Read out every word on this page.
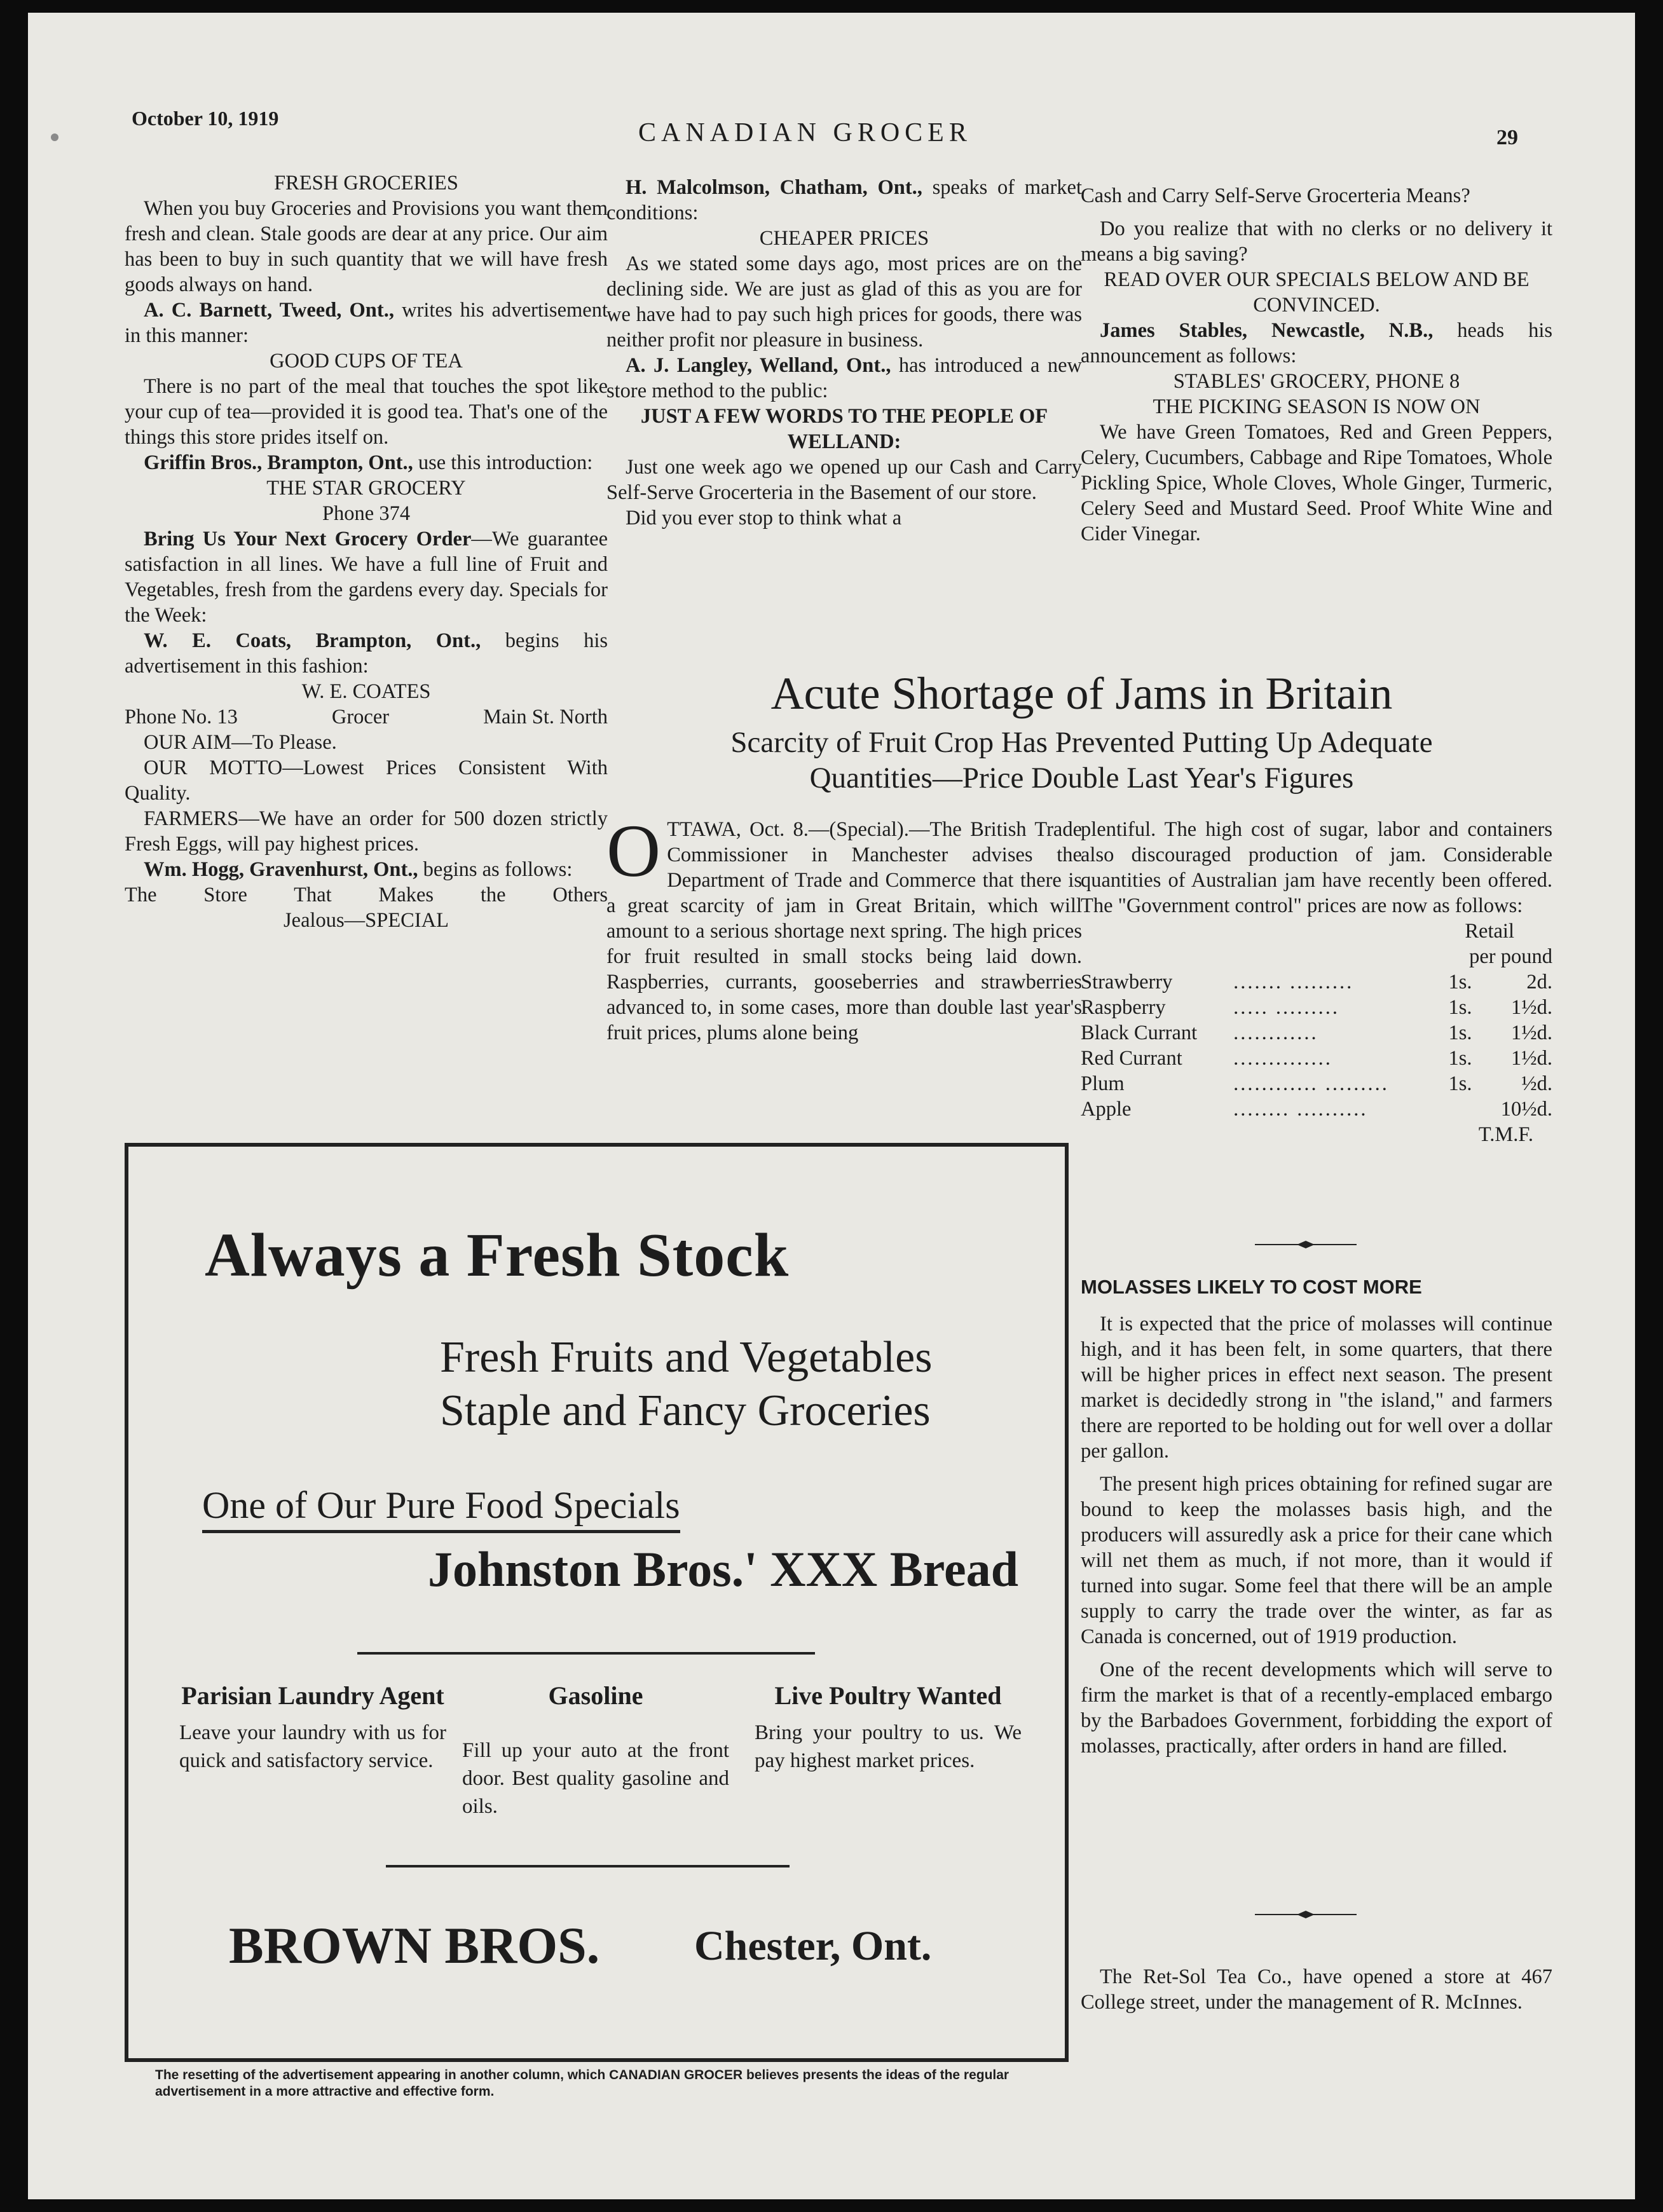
October 10, 1919	CANADIAN GROCER	29

FRESH GROCERIES

When you buy Groceries and Provisions you want them fresh and clean. Stale goods are dear at any price. Our aim has been to buy in such quantity that we will have fresh goods always on hand.

A. C. Barnett, Tweed, Ont., writes his advertisement in this manner:

GOOD CUPS OF TEA

There is no part of the meal that touches the spot like your cup of tea—provided it is good tea. That's one of the things this store prides itself on.

Griffin Bros., Brampton, Ont., use this introduction:

THE STAR GROCERY

Phone 374

Bring Us Your Next Grocery Order—We guarantee satisfaction in all lines. We have a full line of Fruit and Vegetables, fresh from the gardens every day. Specials for the Week:

W. E. Coats, Brampton, Ont., begins his advertisement in this fashion:

W. E. COATES

Phone No. 13	Grocer	Main St. North

OUR AIM—To Please.

OUR MOTTO—Lowest Prices Consistent With Quality.

FARMERS—We have an order for 500 dozen strictly Fresh Eggs, will pay highest prices.

Wm. Hogg, Gravenhurst, Ont., begins as follows:

The Store That Makes the Others

Jealous—SPECIAL

H. Malcolmson, Chatham, Ont., speaks of market conditions:

CHEAPER PRICES

As we stated some days ago, most prices are on the declining side. We are just as glad of this as you are for we have had to pay such high prices for goods, there was neither profit nor pleasure in business.

A. J. Langley, Welland, Ont., has introduced a new store method to the public:

JUST A FEW WORDS TO THE PEOPLE OF WELLAND:

Just one week ago we opened up our Cash and Carry Self-Serve Grocerteria in the Basement of our store.

Did you ever stop to think what a

Cash and Carry Self-Serve Grocerteria Means?

Do you realize that with no clerks or no delivery it means a big saving?

READ OVER OUR SPECIALS BELOW AND BE CONVINCED.

James Stables, Newcastle, N.B., heads his announcement as follows:

STABLES' GROCERY, PHONE 8

THE PICKING SEASON IS NOW ON

We have Green Tomatoes, Red and Green Peppers, Celery, Cucumbers, Cabbage and Ripe Tomatoes, Whole Pickling Spice, Whole Cloves, Whole Ginger, Turmeric, Celery Seed and Mustard Seed. Proof White Wine and Cider Vinegar.

Acute Shortage of Jams in Britain
Scarcity of Fruit Crop Has Prevented Putting Up Adequate
Quantities—Price Double Last Year's Figures
O TTAWA, Oct. 8.—(Special).—The British Trade Commissioner in Manchester advises the Department of Trade and Commerce that there is a great scarcity of jam in Great Britain, which will amount to a serious shortage next spring. The high prices for fruit resulted in small stocks being laid down. Raspberries, currants, gooseberries and strawberries advanced to, in some cases, more than double last year's fruit prices, plums alone being

plentiful. The high cost of sugar, labor and containers also discouraged production of jam. Considerable quantities of Australian jam have recently been offered. The "Government control" prices are now as follows:

		Retail	
		per pound	
Strawberry	....... .........	1s.	2d.
Raspberry	..... .........	1s.	1½d.
Black Currant	............	1s.	1½d.
Red Currant	..............	1s.	1½d.
Plum	............ .........	1s.	½d.
Apple	........ ..........		10½d.
T.M.F.

MOLASSES LIKELY TO COST MORE

It is expected that the price of molasses will continue high, and it has been felt, in some quarters, that there will be higher prices in effect next season. The present market is decidedly strong in "the island," and farmers there are reported to be holding out for well over a dollar per gallon.

The present high prices obtaining for refined sugar are bound to keep the molasses basis high, and the producers will assuredly ask a price for their cane which will net them as much, if not more, than it would if turned into sugar. Some feel that there will be an ample supply to carry the trade over the winter, as far as Canada is concerned, out of 1919 production.

One of the recent developments which will serve to firm the market is that of a recently-emplaced embargo by the Barbadoes Government, forbidding the export of molasses, practically, after orders in hand are filled.

The Ret-Sol Tea Co., have opened a store at 467 College street, under the management of R. McInnes.

Always a Fresh Stock
Fresh Fruits and Vegetables
Staple and Fancy Groceries
One of Our Pure Food Specials
Johnston Bros.' XXX Bread
Parisian Laundry Agent
Leave your laundry with us for quick and satisfactory service.
Gasoline
Fill up your auto at the front door. Best quality gasoline and oils.
Live Poultry Wanted
Bring your poultry to us. We pay highest market prices.
BROWN BROS. Chester, Ont.
The resetting of the advertisement appearing in another column, which CANADIAN GROCER believes presents the ideas of the regular advertisement in a more attractive and effective form.
